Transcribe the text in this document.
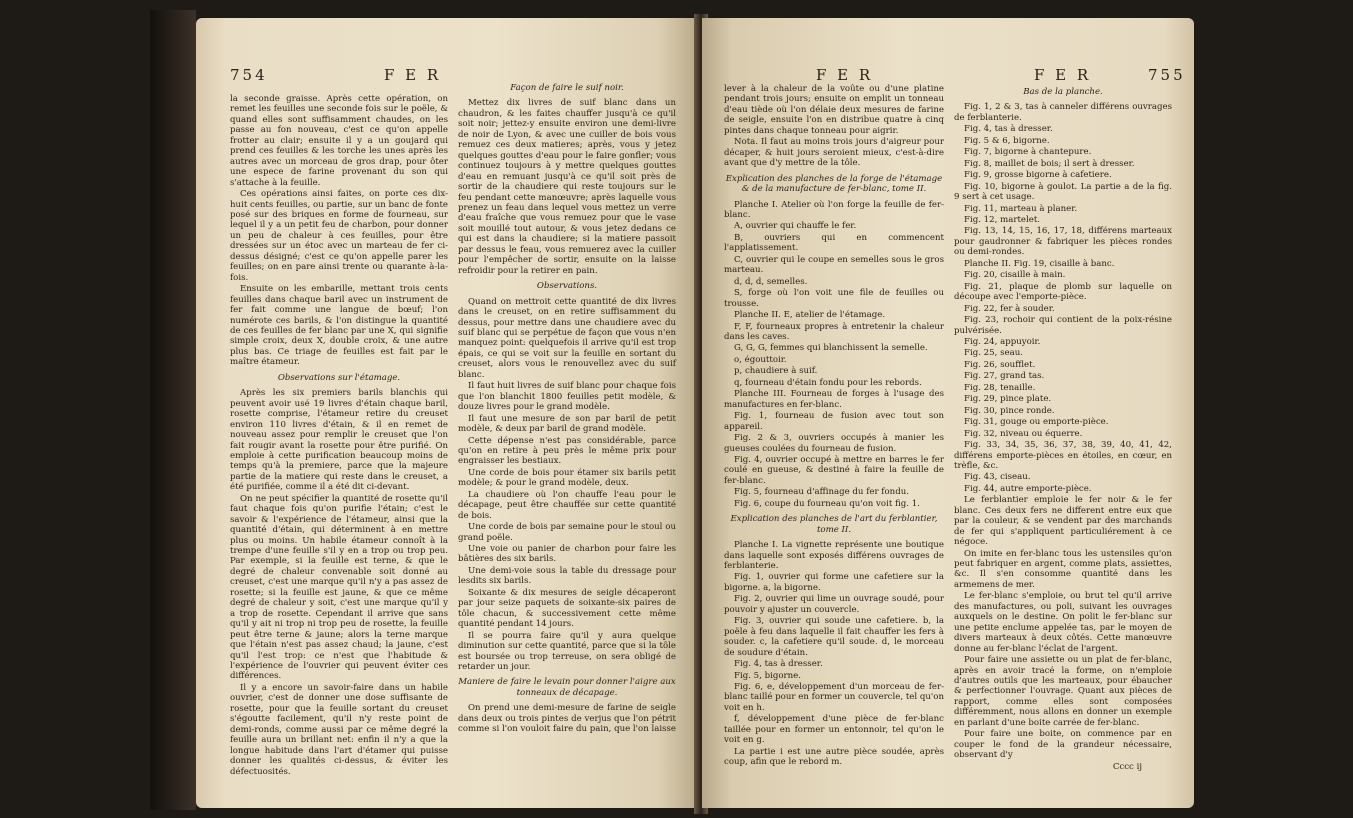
754	F E R

la seconde graisse. Après cette opération, on remet les feuilles une seconde fois sur le poële, & quand elles sont suffisamment chaudes, on les passe au fon nouveau, c'est ce qu'on appelle frotter au clair; ensuite il y a un goujard qui prend ces feuilles & les torche les unes après les autres avec un morceau de gros drap, pour ôter une espece de farine provenant du son qui s'attache à la feuille.

Ces opérations ainsi faites, on porte ces dix-huit cents feuilles, ou partie, sur un banc de fonte posé sur des briques en forme de fourneau, sur lequel il y a un petit feu de charbon, pour donner un peu de chaleur à ces feuilles, pour être dressées sur un étoc avec un marteau de fer ci-dessus désigné; c'est ce qu'on appelle parer les feuilles; on en pare ainsi trente ou quarante à-la-fois.

Ensuite on les embarille, mettant trois cents feuilles dans chaque baril avec un instrument de fer fait comme une langue de bœuf; l'on numérote ces barils, & l'on distingue la quantité de ces feuilles de fer blanc par une X, qui signifie simple croix, deux X, double croix, & une autre plus bas. Ce triage de feuilles est fait par le maître étameur.

Observations sur l'étamage.

Après les six premiers barils blanchis qui peuvent avoir usé 19 livres d'étain chaque baril, rosette comprise, l'étameur retire du creuset environ 110 livres d'étain, & il en remet de nouveau assez pour remplir le creuset que l'on fait rougir avant la rosette pour être purifié. On emploie à cette purification beaucoup moins de temps qu'à la premiere, parce que la majeure partie de la matiere qui reste dans le creuset, a été purifiée, comme il a été dit ci-devant.

On ne peut spécifier la quantité de rosette qu'il faut chaque fois qu'on purifie l'étain; c'est le savoir & l'expérience de l'étameur, ainsi que la quantité d'étain, qui déterminent à en mettre plus ou moins. Un habile étameur connoît à la trempe d'une feuille s'il y en a trop ou trop peu. Par exemple, si la feuille est terne, & que le degré de chaleur convenable soit donné au creuset, c'est une marque qu'il n'y a pas assez de rosette; si la feuille est jaune, & que ce même degré de chaleur y soit, c'est une marque qu'il y a trop de rosette. Cependant il arrive que sans qu'il y ait ni trop ni trop peu de rosette, la feuille peut être terne & jaune; alors la terne marque que l'étain n'est pas assez chaud; la jaune, c'est qu'il l'est trop: ce n'est que l'habitude & l'expérience de l'ouvrier qui peuvent éviter ces différences.

Il y a encore un savoir-faire dans un habile ouvrier, c'est de donner une dose suffisante de rosette, pour que la feuille sortant du creuset s'égoutte facilement, qu'il n'y reste point de demi-ronds, comme aussi par ce même degré la feuille aura un brillant net: enfin il n'y a que la longue habitude dans l'art d'étamer qui puisse donner les qualités ci-dessus, & éviter les défectuosités.

Façon de faire le suif noir.

Mettez dix livres de suif blanc dans un chaudron, & les faites chauffer jusqu'à ce qu'il soit noir; jettez-y ensuite environ une demi-livre de noir de Lyon, & avec une cuiller de bois vous remuez ces deux matieres; après, vous y jetez quelques gouttes d'eau pour le faire gonfler; vous continuez toujours à y mettre quelques gouttes d'eau en remuant jusqu'à ce qu'il soit près de sortir de la chaudiere qui reste toujours sur le feu pendant cette manœuvre; après laquelle vous prenez un feau dans lequel vous mettez un verre d'eau fraîche que vous remuez pour que le vase soit mouillé tout autour, & vous jetez dedans ce qui est dans la chaudiere; si la matiere passoit par dessus le feau, vous remuerez avec la cuiller pour l'empêcher de sortir, ensuite on la laisse refroidir pour la retirer en pain.

Observations.

Quand on mettroit cette quantité de dix livres dans le creuset, on en retire suffisamment du dessus, pour mettre dans une chaudiere avec du suif blanc qui se perpétue de façon que vous n'en manquez point: quelquefois il arrive qu'il est trop épais, ce qui se voit sur la feuille en sortant du creuset, alors vous le renouvellez avec du suif blanc.

Il faut huit livres de suif blanc pour chaque fois que l'on blanchit 1800 feuilles petit modèle, & douze livres pour le grand modèle.

Il faut une mesure de son par baril de petit modèle, & deux par baril de grand modèle.

Cette dépense n'est pas considérable, parce qu'on en retire à peu près le même prix pour engraisser les bestiaux.

Une corde de bois pour étamer six barils petit modèle; & pour le grand modèle, deux.

La chaudiere où l'on chauffe l'eau pour le décapage, peut être chauffée sur cette quantité de bois.

Une corde de bois par semaine pour le stoul ou grand poële.

Une voie ou panier de charbon pour faire les bâtières des six barils.

Une demi-voie sous la table du dressage pour lesdits six barils.

Soixante & dix mesures de seigle décaperont par jour seize paquets de soixante-six paires de tôle chacun, & successivement cette même quantité pendant 14 jours.

Il se pourra faire qu'il y aura quelque diminution sur cette quantité, parce que si la tôle est boursée ou trop terreuse, on sera obligé de retarder un jour.

Maniere de faire le levain pour donner l'aigre aux tonneaux de décapage.

On prend une demi-mesure de farine de seigle dans deux ou trois pintes de verjus que l'on pétrit comme si l'on vouloit faire du pain, que l'on laisse

F E R	F E R	755

lever à la chaleur de la voûte ou d'une platine pendant trois jours; ensuite on emplit un tonneau d'eau tiède où l'on délaie deux mesures de farine de seigle, ensuite l'on en distribue quatre à cinq pintes dans chaque tonneau pour aigrir.

Nota. Il faut au moins trois jours d'aigreur pour décaper, & huit jours seroient mieux, c'est-à-dire avant que d'y mettre de la tôle.

Explication des planches de la forge de l'étamage & de la manufacture de fer-blanc, tome II.

Planche I. Atelier où l'on forge la feuille de fer-blanc.

A, ouvrier qui chauffe le fer.

B, ouvriers qui en commencent l'applatissement.

C, ouvrier qui le coupe en semelles sous le gros marteau.

d, d, d, semelles.

S, forge où l'on voit une file de feuilles ou trousse.

Planche II. E, atelier de l'étamage.

F, F, fourneaux propres à entretenir la chaleur dans les caves.

G, G, G, femmes qui blanchissent la semelle.

o, égouttoir.

p, chaudiere à suif.

q, fourneau d'étain fondu pour les rebords.

Planche III. Fourneau de forges à l'usage des manufactures en fer-blanc.

Fig. 1, fourneau de fusion avec tout son appareil.

Fig. 2 & 3, ouvriers occupés à manier les gueuses coulées du fourneau de fusion.

Fig. 4, ouvrier occupé à mettre en barres le fer coulé en gueuse, & destiné à faire la feuille de fer-blanc.

Fig. 5, fourneau d'affinage du fer fondu.

Fig. 6, coupe du fourneau qu'on voit fig. 1.

Explication des planches de l'art du ferblantier, tome II.

Planche I. La vignette représente une boutique dans laquelle sont exposés différens ouvrages de ferblanterie.

Fig. 1, ouvrier qui forme une cafetiere sur la bigorne. a, la bigorne.

Fig. 2, ouvrier qui lime un ouvrage soudé, pour pouvoir y ajuster un couvercle.

Fig. 3, ouvrier qui soude une cafetiere. b, la poële à feu dans laquelle il fait chauffer les fers à souder. c, la cafetiere qu'il soude. d, le morceau de soudure d'étain.

Fig. 4, tas à dresser.

Fig. 5, bigorne.

Fig. 6, e, développement d'un morceau de fer-blanc taillé pour en former un couvercle, tel qu'on voit en h.

f, développement d'une pièce de fer-blanc taillée pour en former un entonnoir, tel qu'on le voit en g.

La partie i est une autre pièce soudée, après coup, afin que le rebord m.

Bas de la planche.

Fig. 1, 2 & 3, tas à canneler différens ouvrages de ferblanterie.

Fig. 4, tas à dresser.

Fig. 5 & 6, bigorne.

Fig. 7, bigorne à chantepure.

Fig. 8, maillet de bois; il sert à dresser.

Fig. 9, grosse bigorne à cafetiere.

Fig. 10, bigorne à goulot. La partie a de la fig. 9 sert à cet usage.

Fig. 11, marteau à planer.

Fig. 12, martelet.

Fig. 13, 14, 15, 16, 17, 18, différens marteaux pour gaudronner & fabriquer les pièces rondes ou demi-rondes.

Planche II. Fig. 19, cisaille à banc.

Fig. 20, cisaille à main.

Fig. 21, plaque de plomb sur laquelle on découpe avec l'emporte-pièce.

Fig. 22, fer à souder.

Fig. 23, rochoir qui contient de la poix-résine pulvérisée.

Fig. 24, appuyoir.

Fig. 25, seau.

Fig. 26, soufflet.

Fig. 27, grand tas.

Fig. 28, tenaille.

Fig. 29, pince plate.

Fig. 30, pince ronde.

Fig. 31, gouge ou emporte-pièce.

Fig. 32, niveau ou équerre.

Fig. 33, 34, 35, 36, 37, 38, 39, 40, 41, 42, différens emporte-pièces en étoiles, en cœur, en trèfle, &c.

Fig. 43, ciseau.

Fig. 44, autre emporte-pièce.

Le ferblantier emploie le fer noir & le fer blanc. Ces deux fers ne different entre eux que par la couleur, & se vendent par des marchands de fer qui s'appliquent particuliérement à ce négoce.

On imite en fer-blanc tous les ustensiles qu'on peut fabriquer en argent, comme plats, assiettes, &c. Il s'en consomme quantité dans les armemens de mer.

Le fer-blanc s'emploie, ou brut tel qu'il arrive des manufactures, ou poli, suivant les ouvrages auxquels on le destine. On polit le fer-blanc sur une petite enclume appelée tas, par le moyen de divers marteaux à deux côtés. Cette manœuvre donne au fer-blanc l'éclat de l'argent.

Pour faire une assiette ou un plat de fer-blanc, après en avoir tracé la forme, on n'emploie d'autres outils que les marteaux, pour ébaucher & perfectionner l'ouvrage. Quant aux pièces de rapport, comme elles sont composées différemment, nous allons en donner un exemple en parlant d'une boite carrée de fer-blanc.

Pour faire une boite, on commence par en couper le fond de la grandeur nécessaire, observant d'y

Cccc ij
